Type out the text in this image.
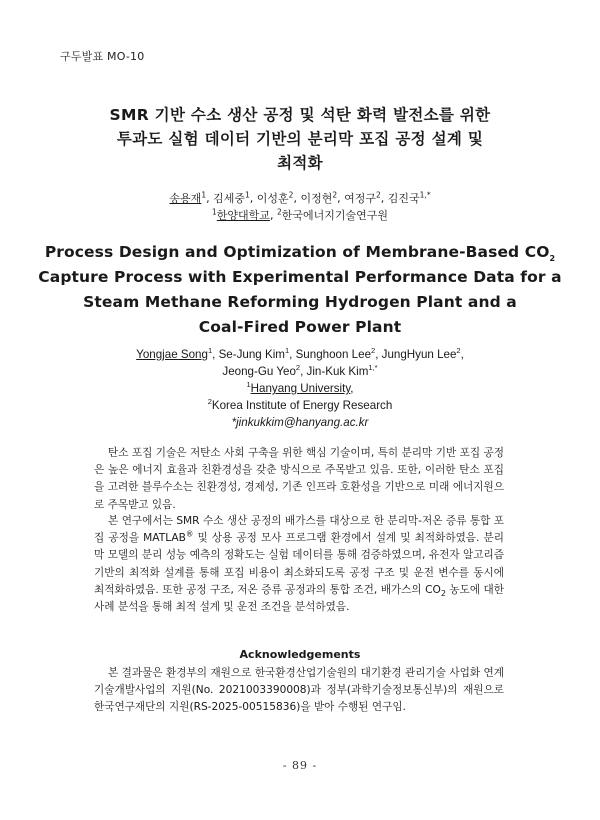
구두발표 MO-10
SMR 기반 수소 생산 공정 및 석탄 화력 발전소를 위한
투과도 실험 데이터 기반의 분리막 포집 공정 설계 및
최적화
송용재$^1$, 김세중$^1$, 이성훈$^2$, 이정현$^2$, 여정구$^2$, 김진국$^{1,*}$
$^1$한양대학교, $^2$한국에너지기술연구원
Process Design and Optimization of Membrane-Based $CO_2$
Capture Process with Experimental Performance Data for a
Steam Methane Reforming Hydrogen Plant and a
Coal-Fired Power Plant
Yongjae Song$^1$, Se-Jung Kim$^1$, Sunghoon Lee$^2$, JungHyun Lee$^2$,
Jeong-Gu Yeo$^2$, Jin-Kuk Kim$^{1,*}$
$^1$Hanyang University,
$^2$Korea Institute of Energy Research
*jinkukkim@hanyang.ac.kr

탄소 포집 기술은 저탄소 사회 구축을 위한 핵심 기술이며, 특히 분리막 기반 포집 공정은 높은 에너지 효율과 친환경성을 갖춘 방식으로 주목받고 있음. 또한, 이러한 탄소 포집을 고려한 블루수소는 친환경성, 경제성, 기존 인프라 호환성을 기반으로 미래 에너지원으로 주목받고 있음.

본 연구에서는 SMR 수소 생산 공정의 배가스를 대상으로 한 분리막-저온 증류 통합 포집 공정을 MATLAB® 및 상용 공정 모사 프로그램 환경에서 설계 및 최적화하였음. 분리막 모델의 분리 성능 예측의 정확도는 실험 데이터를 통해 검증하였으며, 유전자 알고리즘 기반의 최적화 설계를 통해 포집 비용이 최소화되도록 공정 구조 및 운전 변수를 동시에 최적화하였음. 또한 공정 구조, 저온 증류 공정과의 통합 조건, 배가스의 $CO_2$ 농도에 대한 사례 분석을 통해 최적 설계 및 운전 조건을 분석하였음.

Acknowledgements

본 결과물은 환경부의 재원으로 한국환경산업기술원의 대기환경 관리기술 사업화 연계 기술개발사업의 지원(No. 2021003390008)과 정부(과학기술정보통신부)의 재원으로 한국연구재단의 지원(RS-2025-00515836)을 받아 수행된 연구임.

- 89 -
